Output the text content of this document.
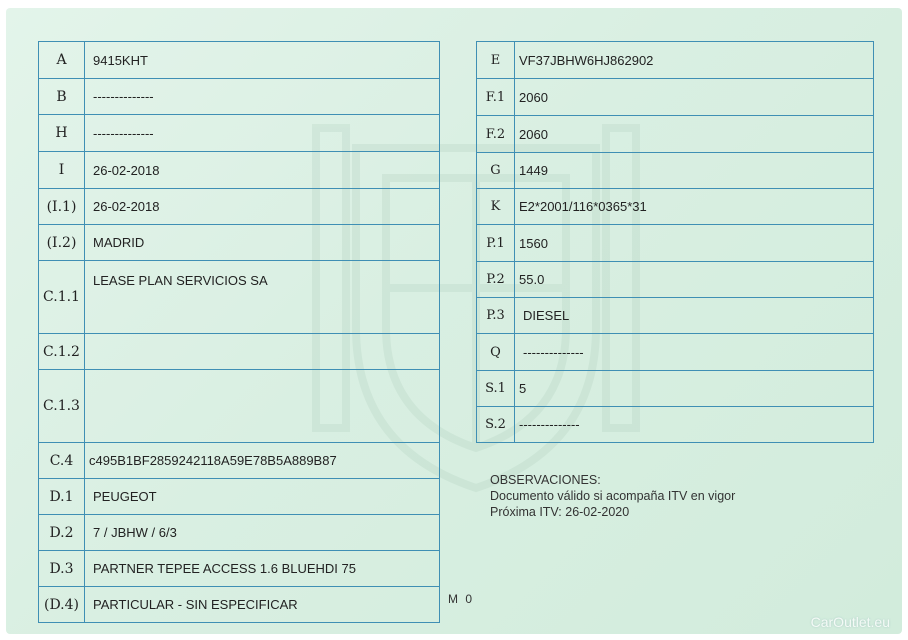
A	9415KHT
B	--------------
H	--------------
I	26-02-2018
(I.1)	26-02-2018
(I.2)	MADRID
C.1.1	LEASE PLAN SERVICIOS SA
C.1.2	
C.1.3	
C.4	c495B1BF2859242118A59E78B5A889B87
D.1	PEUGEOT
D.2	7 / JBHW / 6/3
D.3	PARTNER TEPEE ACCESS 1.6 BLUEHDI 75
(D.4)	PARTICULAR - SIN ESPECIFICAR
E	VF37JBHW6HJ862902
F.1	2060
F.2	2060
G	1449
K	E2*2001/116*0365*31
P.1	1560
P.2	55.0
P.3	DIESEL
Q	--------------
S.1	5
S.2	--------------
OBSERVACIONES:
Documento válido si acompaña ITV en vigor
Próxima ITV: 26-02-2020
M 0
CarOutlet.eu
